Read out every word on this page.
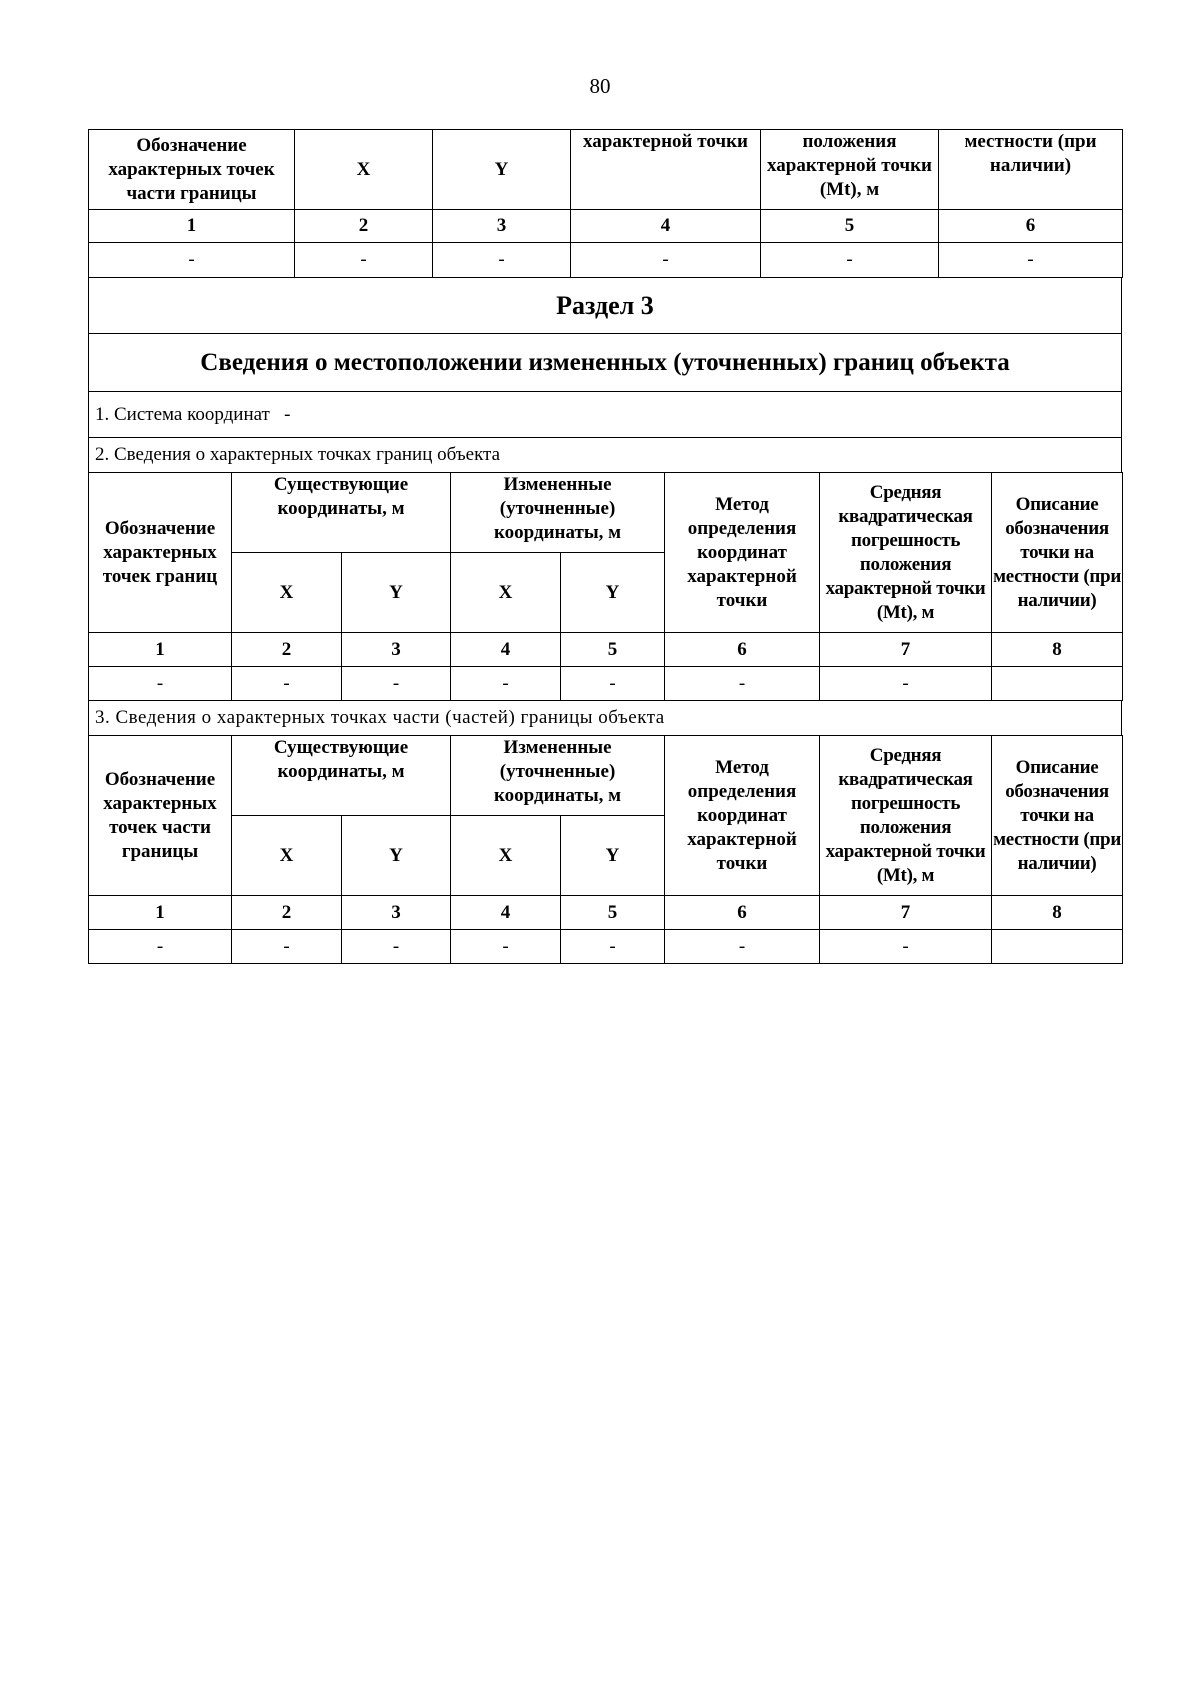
80
Обозначение характерных точек части границы	X	Y	характерной точки	положения характерной точки (Mt), м	местности (при наличии)
1	2	3	4	5	6
-	-	-	-	-	-
Раздел 3
Сведения о местоположении измененных (уточненных) границ объекта
1. Система координат -
2. Сведения о характерных точках границ объекта
Обозначение характерных точек границ	Существующие координаты, м		Измененные (уточненные) координаты, м		Метод определения координат характерной точки	Средняя квадратическая погрешность положения характерной точки (Mt), м	Описание обозначения точки на местности (при наличии)
	X	Y	X	Y			
1	2	3	4	5	6	7	8
-	-	-	-	-	-	-	
3. Сведения о характерных точках части (частей) границы объекта
Обозначение характерных точек части границы	Существующие координаты, м		Измененные (уточненные) координаты, м		Метод определения координат характерной точки	Средняя квадратическая погрешность положения характерной точки (Mt), м	Описание обозначения точки на местности (при наличии)
	X	Y	X	Y			
1	2	3	4	5	6	7	8
-	-	-	-	-	-	-	
